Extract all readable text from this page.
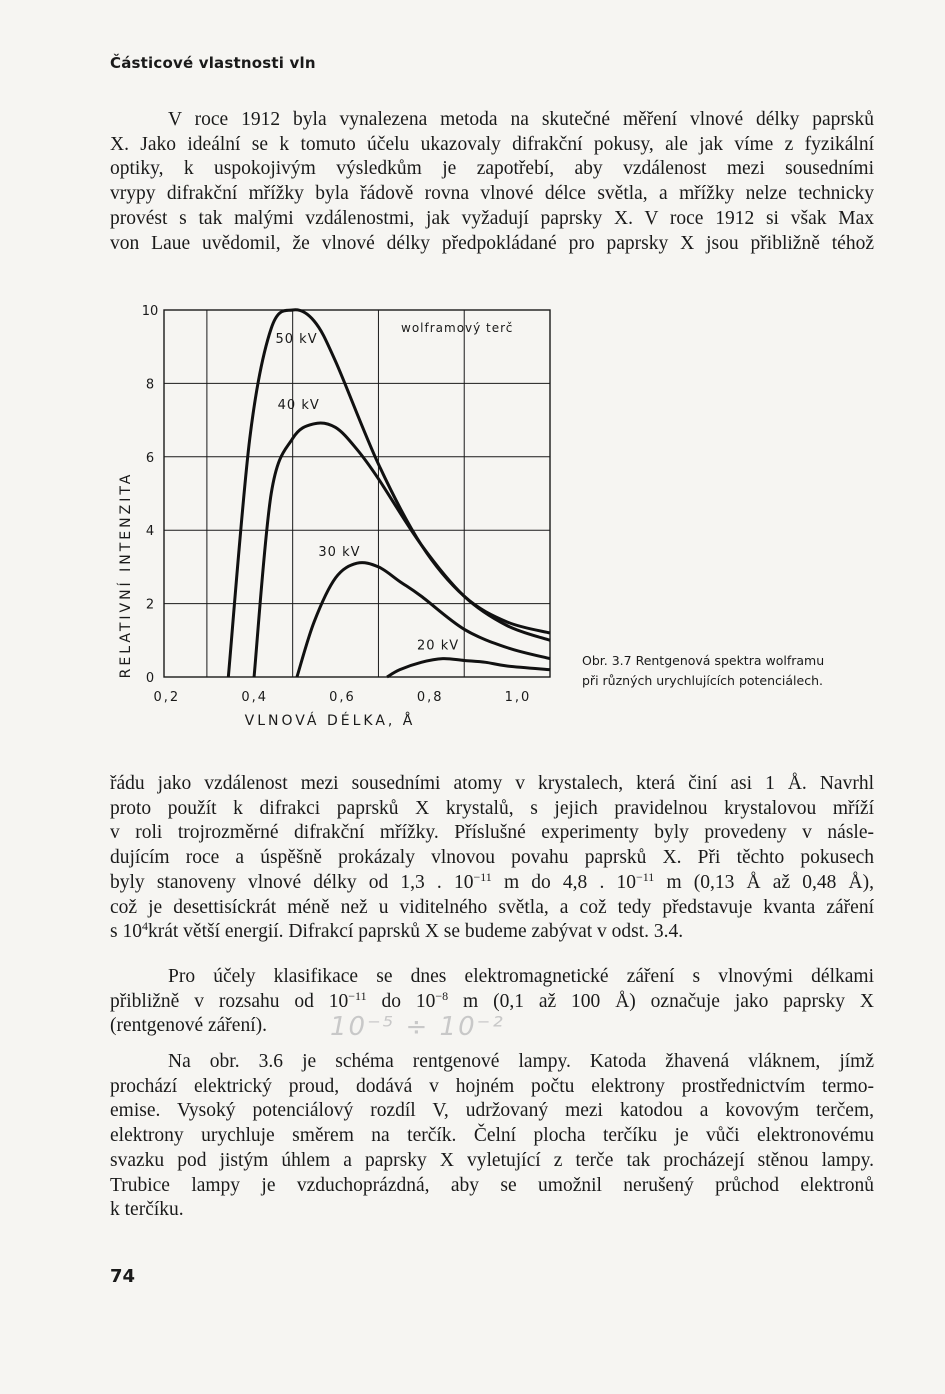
Částicové vlastnosti vln
V roce 1912 byla vynalezena metoda na skutečné měření vlnové délky paprsků
X. Jako ideální se k tomuto účelu ukazovaly difrakční pokusy, ale jak víme z fyzikální
optiky, k uspokojivým výsledkům je zapotřebí, aby vzdálenost mezi sousedními
vrypy difrakční mřížky byla řádově rovna vlnové délce světla, a mřížky nelze technicky
provést s tak malými vzdálenostmi, jak vyžadují paprsky X. V roce 1912 si však Max
von Laue uvědomil, že vlnové délky předpokládané pro paprsky X jsou přibližně téhož
50 kV
40 kV
30 kV
20 kV
0
2
4
6
8
10
0,2	0,4	0,6	0,8	1,0
RELATIVNÍ INTENZITA
VLNOVÁ DÉLKA, Å
wolframový terč
Obr. 3.7 Rentgenová spektra wolframu
při různých urychlujících potenciálech.
řádu jako vzdálenost mezi sousedními atomy v krystalech, která činí asi 1 Å. Navrhl
proto použít k difrakci paprsků X krystalů, s jejich pravidelnou krystalovou mříží
v roli trojrozměrné difrakční mřížky. Příslušné experimenty byly provedeny v násle-
dujícím roce a úspěšně prokázaly vlnovou povahu paprsků X. Při těchto pokusech
byly stanoveny vlnové délky od 1,3 . $10^{-11}$ m do 4,8 . $10^{-11}$ m (0,13 Å až 0,48 Å),
což je desettisíckrát méně než u viditelného světla, a což tedy představuje kvanta záření
s $10^4krát$ větší energií. Difrakcí paprsků X se budeme zabývat v odst. 3.4.
Pro účely klasifikace se dnes elektromagnetické záření s vlnovými délkami
přibližně v rozsahu od $10^{-11}$ do $10^{-8}$ m (0,1 až 100 Å) označuje jako paprsky X
(rentgenové záření).	10⁻⁵ ÷ 10⁻²
Na obr. 3.6 je schéma rentgenové lampy. Katoda žhavená vláknem, jímž
prochází elektrický proud, dodává v hojném počtu elektrony prostřednictvím termo-
emise. Vysoký potenciálový rozdíl V, udržovaný mezi katodou a kovovým terčem,
elektrony urychluje směrem na terčík. Čelní plocha terčíku je vůči elektronovému
svazku pod jistým úhlem a paprsky X vyletující z terče tak procházejí stěnou lampy.
Trubice lampy je vzduchoprázdná, aby se umožnil nerušený průchod elektronů
k terčíku.
74
